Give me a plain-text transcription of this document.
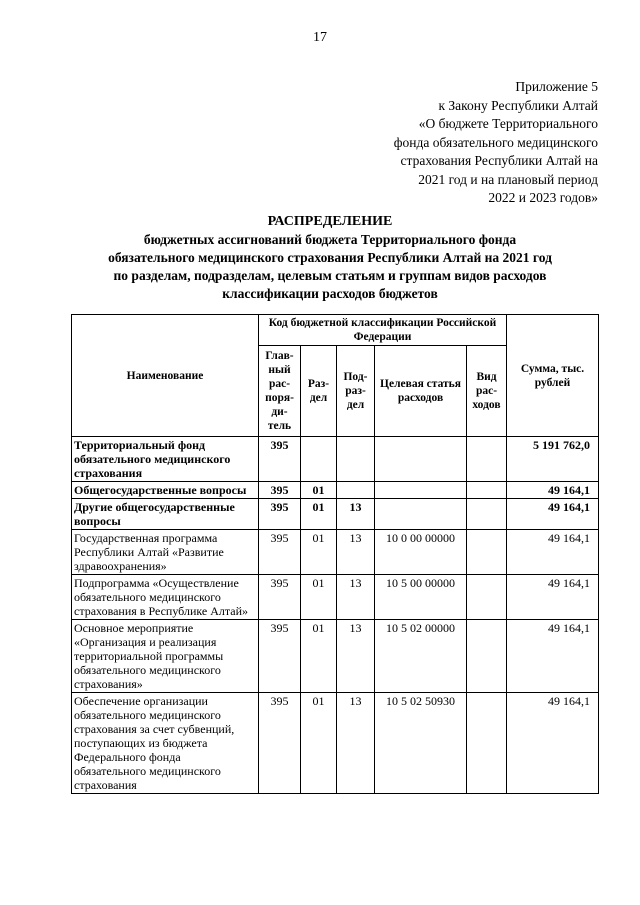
17
Приложение 5
к Закону Республики Алтай
«О бюджете Территориального
фонда обязательного медицинского
страхования Республики Алтай на
2021 год и на плановый период
2022 и 2023 годов»
РАСПРЕДЕЛЕНИЕ
бюджетных ассигнований бюджета Территориального фонда
обязательного медицинского страхования Республики Алтай на 2021 год
по разделам, подразделам, целевым статьям и группам видов расходов
классификации расходов бюджетов
Наименование	Код бюджетной классификации Российской Федерации					Сумма, тыс. рублей
	Глав-ный рас-поря-ди-тель	Раз-дел	Под-раз-дел	Целевая статья расходов	Вид рас-ходов	
Территориальный фонд обязательного медицинского страхования	395					5 191 762,0
Общегосударственные вопросы	395	01				49 164,1
Другие общегосударственные вопросы	395	01	13			49 164,1
Государственная программа Республики Алтай «Развитие здравоохранения»	395	01	13	10 0 00 00000		49 164,1
Подпрограмма «Осуществление обязательного медицинского страхования в Республике Алтай»	395	01	13	10 5 00 00000		49 164,1
Основное мероприятие «Организация и реализация территориальной программы обязательного медицинского страхования»	395	01	13	10 5 02 00000		49 164,1
Обеспечение организации обязательного медицинского страхования за счет субвенций, поступающих из бюджета Федерального фонда обязательного медицинского страхования	395	01	13	10 5 02 50930		49 164,1
